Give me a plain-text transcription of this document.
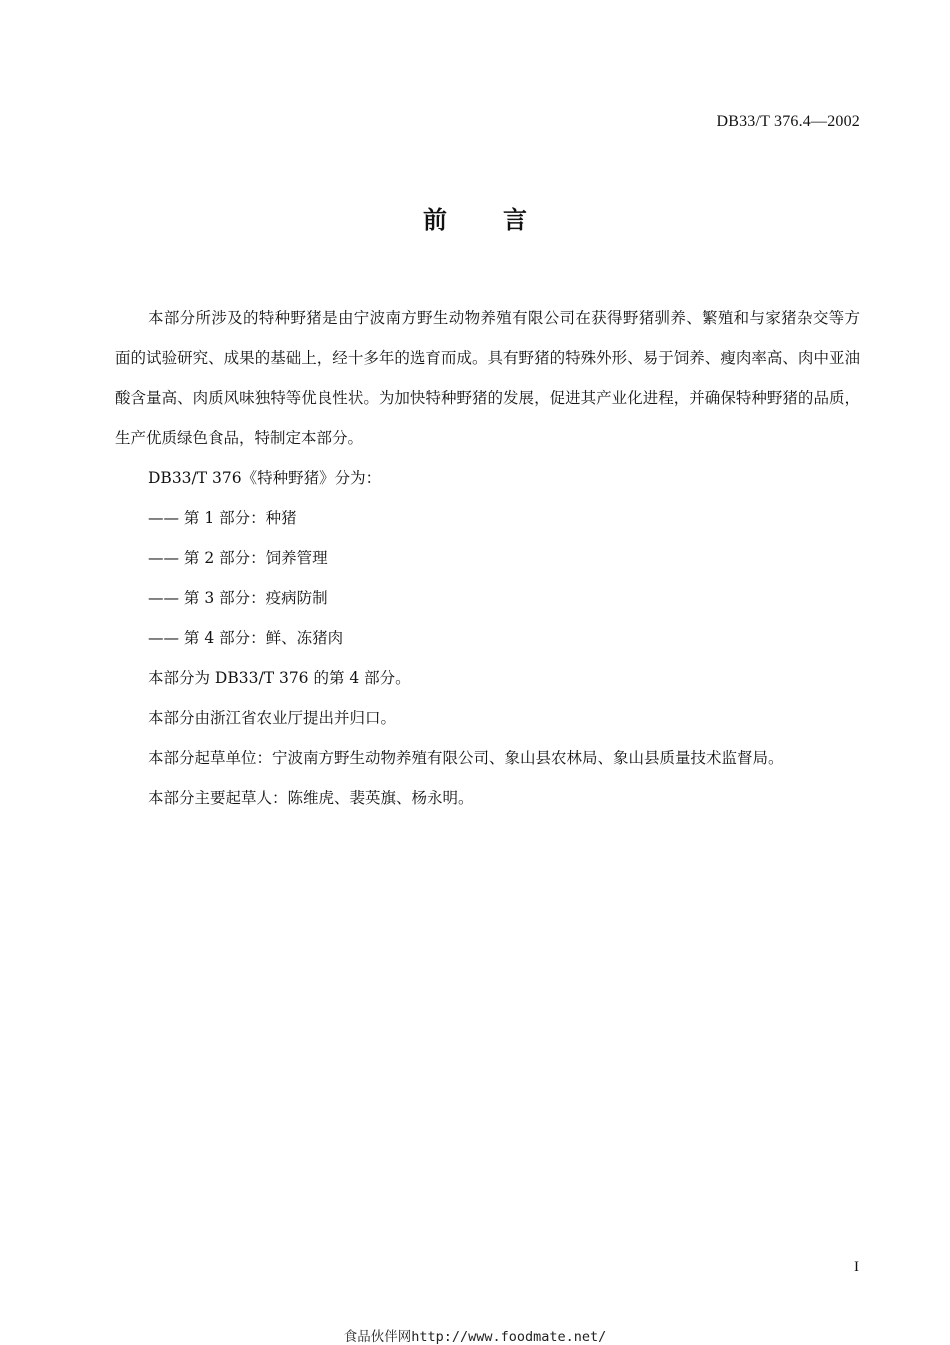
DB33/T 376.4—2002
前言

本部分所涉及的特种野猪是由宁波南方野生动物养殖有限公司在获得野猪驯养、繁殖和与家猪杂交等方面的试验研究、成果的基础上，经十多年的选育而成。具有野猪的特殊外形、易于饲养、瘦肉率高、肉中亚油酸含量高、肉质风味独特等优良性状。为加快特种野猪的发展，促进其产业化进程，并确保特种野猪的品质，生产优质绿色食品，特制定本部分。

DB33/T 376《特种野猪》分为：

—— 第 1 部分：种猪

—— 第 2 部分：饲养管理

—— 第 3 部分：疫病防制

—— 第 4 部分：鲜、冻猪肉

本部分为 DB33/T 376 的第 4 部分。

本部分由浙江省农业厅提出并归口。

本部分起草单位：宁波南方野生动物养殖有限公司、象山县农林局、象山县质量技术监督局。

本部分主要起草人：陈维虎、裴英旗、杨永明。

I
食品伙伴网http://www.foodmate.net/
